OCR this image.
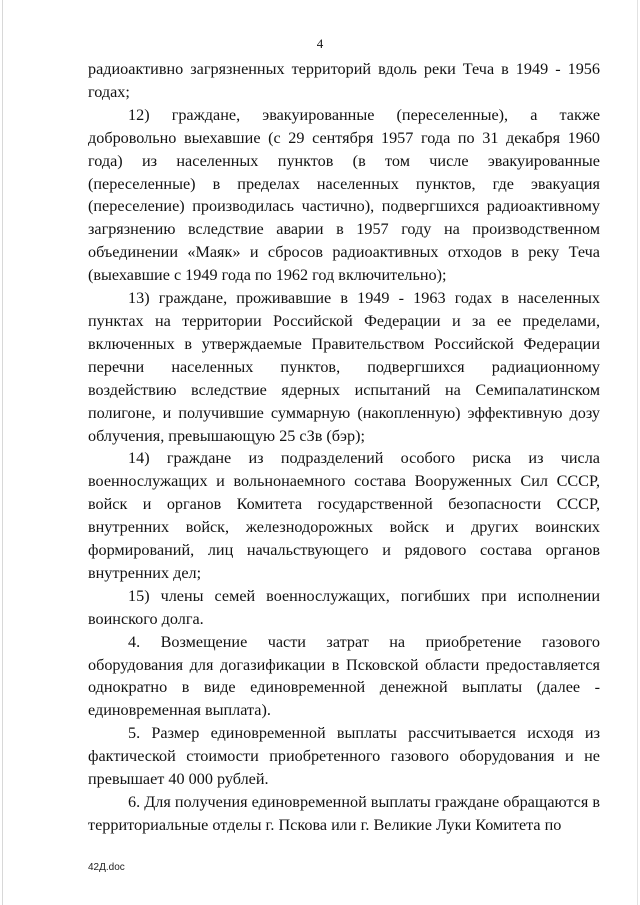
4

радиоактивно загрязненных территорий вдоль реки Теча в 1949 - 1956 годах;

12) граждане, эвакуированные (переселенные), а также добровольно выехавшие (с 29 сентября 1957 года по 31 декабря 1960 года) из населенных пунктов (в том числе эвакуированные (переселенные) в пределах населенных пунктов, где эвакуация (переселение) производилась частично), подвергшихся радиоактивному загрязнению вследствие аварии в 1957 году на производственном объединении «Маяк» и сбросов радиоактивных отходов в реку Теча (выехавшие с 1949 года по 1962 год включительно);

13) граждане, проживавшие в 1949 - 1963 годах в населенных пунктах на территории Российской Федерации и за ее пределами, включенных в утверждаемые Правительством Российской Федерации перечни населенных пунктов, подвергшихся радиационному воздействию вследствие ядерных испытаний на Семипалатинском полигоне, и получившие суммарную (накопленную) эффективную дозу облучения, превышающую 25 сЗв (бэр);

14) граждане из подразделений особого риска из числа военнослужащих и вольнонаемного состава Вооруженных Сил СССР, войск и органов Комитета государственной безопасности СССР, внутренних войск, железнодорожных войск и других воинских формирований, лиц начальствующего и рядового состава органов внутренних дел;

15) члены семей военнослужащих, погибших при исполнении воинского долга.

4. Возмещение части затрат на приобретение газового оборудования для догазификации в Псковской области предоставляется однократно в виде единовременной денежной выплаты (далее - единовременная выплата).

5. Размер единовременной выплаты рассчитывается исходя из фактической стоимости приобретенного газового оборудования и не превышает 40 000 рублей.

6. Для получения единовременной выплаты граждане обращаются в территориальные отделы г. Пскова или г. Великие Луки Комитета по

42Д.doc
